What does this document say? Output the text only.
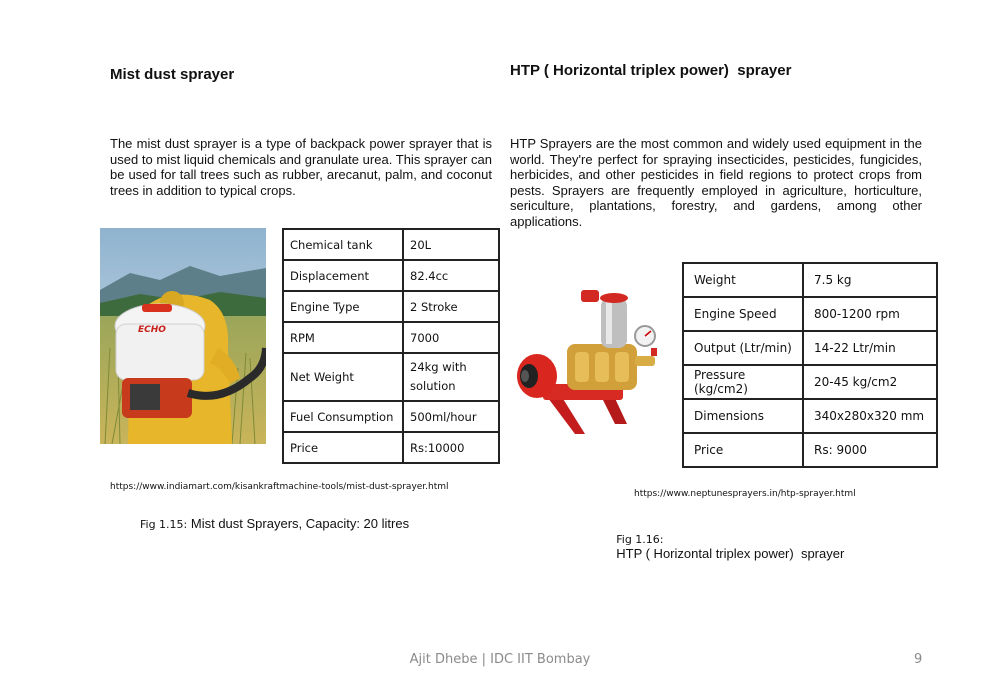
Mist dust sprayer
The mist dust sprayer is a type of backpack power sprayer that is used to mist liquid chemicals and granulate urea. This sprayer can be used for tall trees such as rubber, arecanut, palm, and coconut trees in addition to typical crops.
ECHO
Chemical tank	20L
Displacement	82.4cc
Engine Type	2 Stroke
RPM	7000
Net Weight	24kg with solution
Fuel Consumption	500ml/hour
Price	Rs:10000
https://www.indiamart.com/kisankraftmachine-tools/mist-dust-sprayer.html
Fig 1.15: Mist dust Sprayers, Capacity: 20 litres
HTP ( Horizontal triplex power)  sprayer
HTP Sprayers are the most common and widely used equipment in the world. They're perfect for spraying insecticides, pesticides, fungicides, herbicides, and other pesticides in field regions to protect crops from pests. Sprayers are frequently employed in agriculture, horticulture, sericulture, plantations, forestry, and gardens, among other applications.
Weight	7.5 kg
Engine Speed	800-1200 rpm
Output (Ltr/min)	14-22 Ltr/min
Pressure (kg/cm2)	20-45 kg/cm2
Dimensions	340x280x320 mm
Price	Rs: 9000
https://www.neptunesprayers.in/htp-sprayer.html

Fig 1.16:
HTP ( Horizontal triplex power)  sprayer

Ajit Dhebe | IDC IIT Bombay	9
